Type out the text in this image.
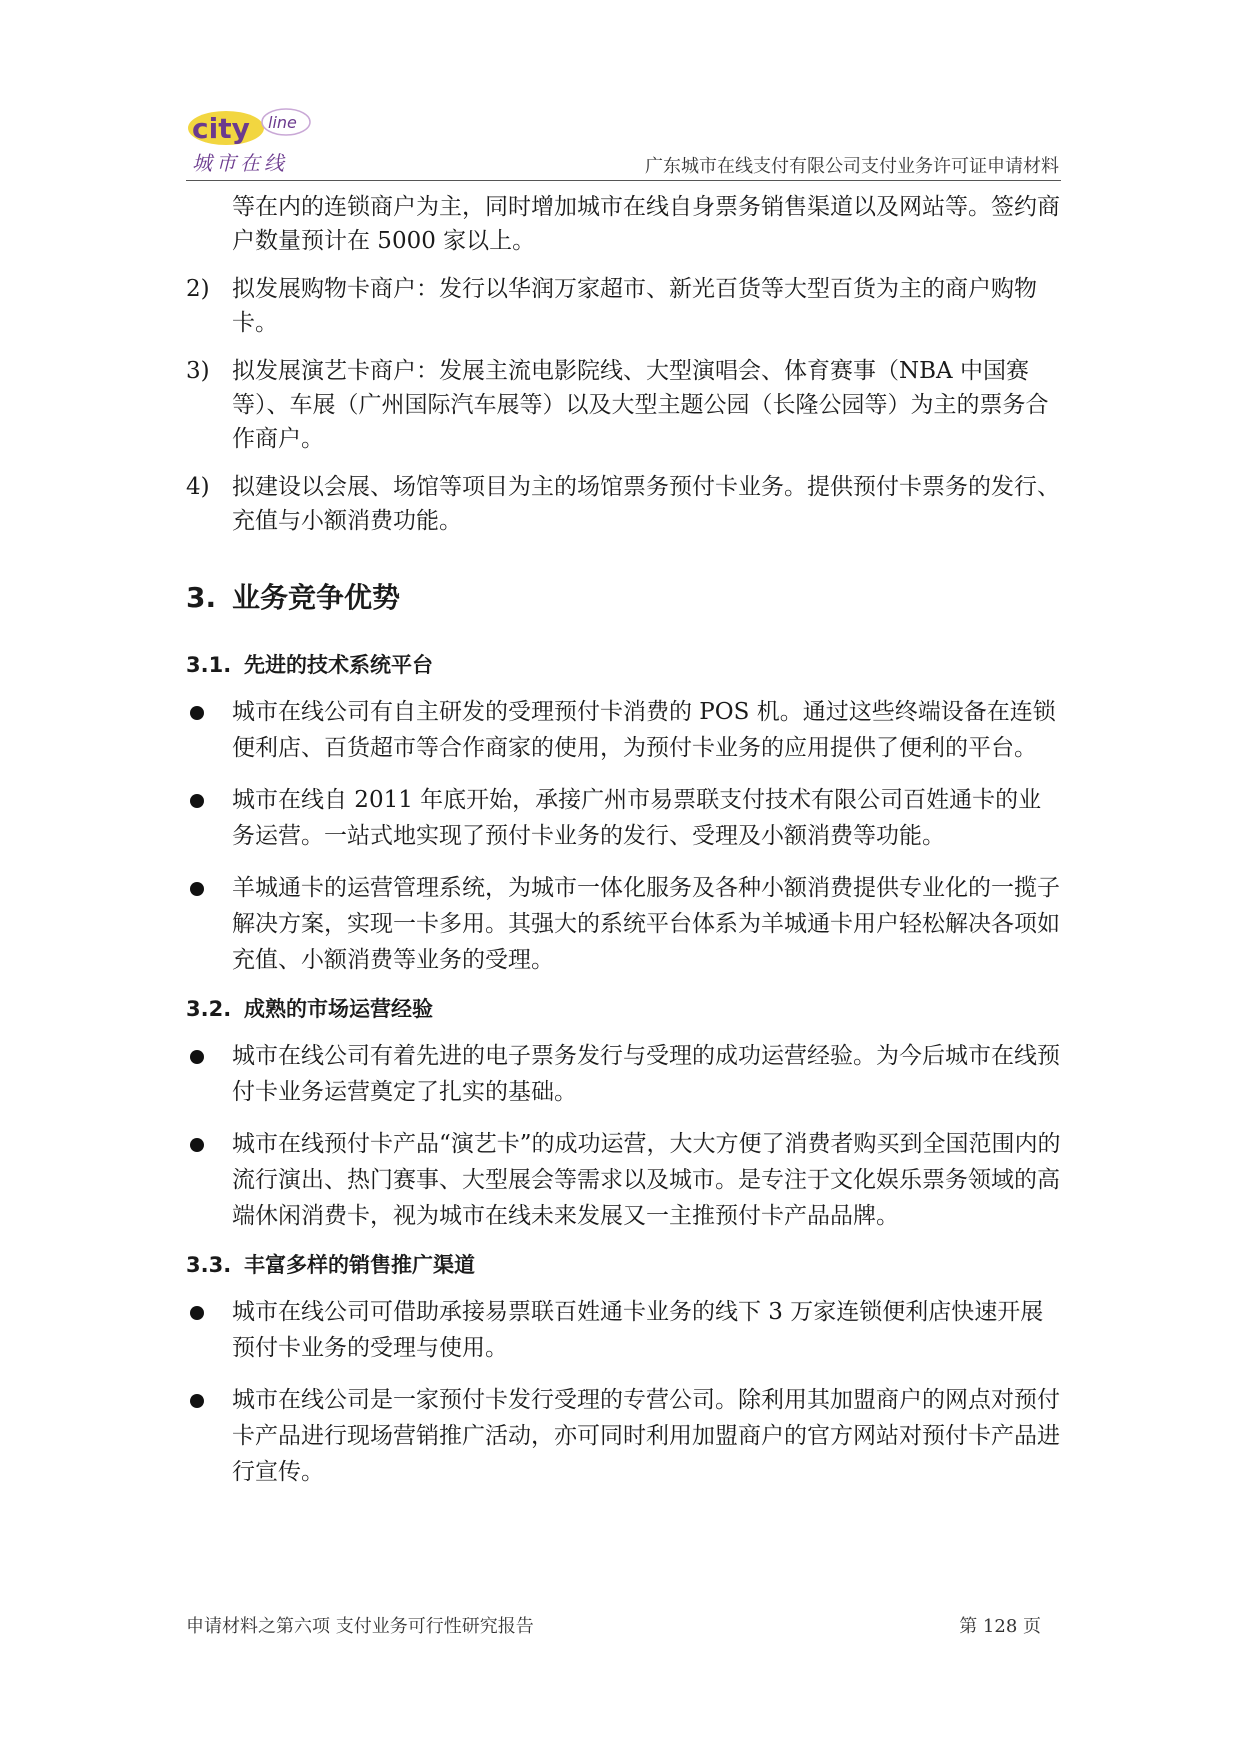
city line
城市在线	广东城市在线支付有限公司支付业务许可证申请材料

等在内的连锁商户为主，同时增加城市在线自身票务销售渠道以及网站等。签约商户数量预计在 5000 家以上。

2) 拟发展购物卡商户：发行以华润万家超市、新光百货等大型百货为主的商户购物卡。
3) 拟发展演艺卡商户：发展主流电影院线、大型演唱会、体育赛事（NBA 中国赛等）、车展（广州国际汽车展等）以及大型主题公园（长隆公园等）为主的票务合作商户。
4) 拟建设以会展、场馆等项目为主的场馆票务预付卡业务。提供预付卡票务的发行、充值与小额消费功能。
3. 业务竞争优势
3.1. 先进的技术系统平台
城市在线公司有自主研发的受理预付卡消费的 POS 机。通过这些终端设备在连锁便利店、百货超市等合作商家的使用，为预付卡业务的应用提供了便利的平台。
城市在线自 2011 年底开始，承接广州市易票联支付技术有限公司百姓通卡的业务运营。一站式地实现了预付卡业务的发行、受理及小额消费等功能。
羊城通卡的运营管理系统，为城市一体化服务及各种小额消费提供专业化的一揽子解决方案，实现一卡多用。其强大的系统平台体系为羊城通卡用户轻松解决各项如充值、小额消费等业务的受理。
3.2. 成熟的市场运营经验
城市在线公司有着先进的电子票务发行与受理的成功运营经验。为今后城市在线预付卡业务运营奠定了扎实的基础。
城市在线预付卡产品“演艺卡”的成功运营，大大方便了消费者购买到全国范围内的流行演出、热门赛事、大型展会等需求以及城市。是专注于文化娱乐票务领域的高端休闲消费卡，视为城市在线未来发展又一主推预付卡产品品牌。
3.3. 丰富多样的销售推广渠道
城市在线公司可借助承接易票联百姓通卡业务的线下 3 万家连锁便利店快速开展预付卡业务的受理与使用。
城市在线公司是一家预付卡发行受理的专营公司。除利用其加盟商户的网点对预付卡产品进行现场营销推广活动，亦可同时利用加盟商户的官方网站对预付卡产品进行宣传。
申请材料之第六项 支付业务可行性研究报告	第 128 页
